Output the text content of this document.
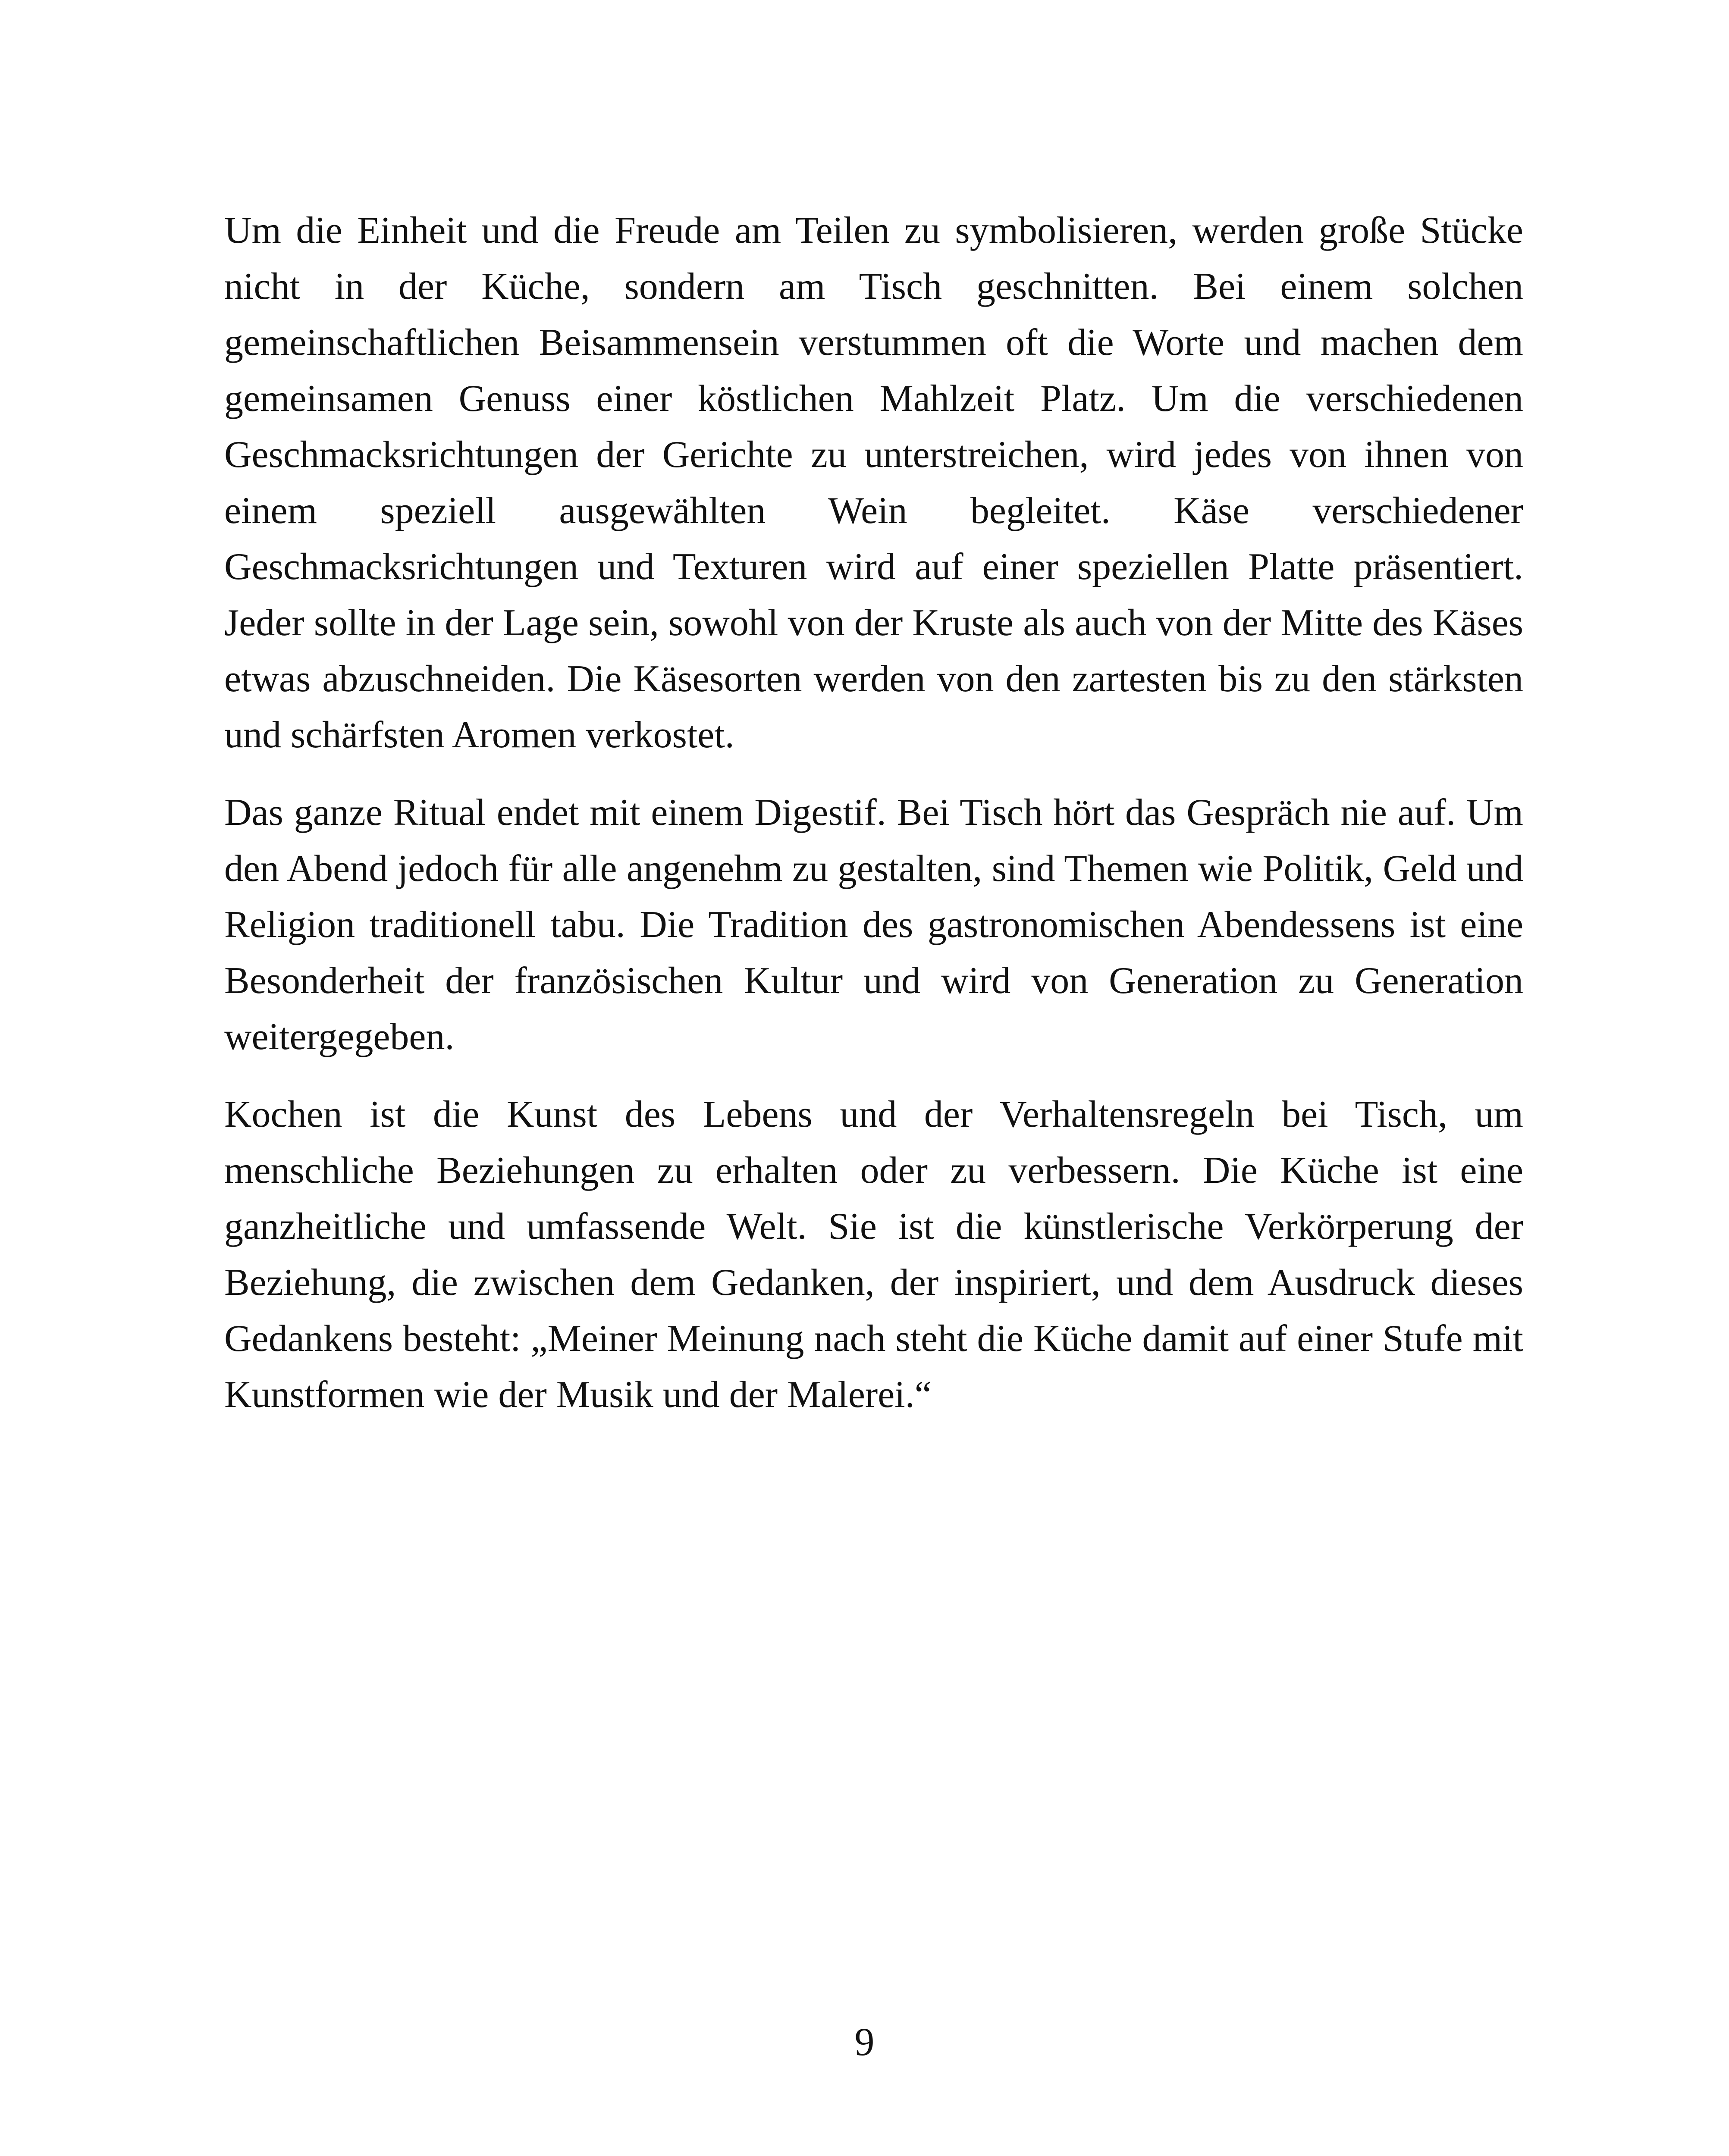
Um die Einheit und die Freude am Teilen zu symbolisieren, werden große Stücke nicht in der Küche, sondern am Tisch geschnitten. Bei einem solchen gemeinschaftlichen Beisammensein verstummen oft die Worte und machen dem gemeinsamen Genuss einer köstlichen Mahlzeit Platz. Um die verschiedenen Geschmacksrichtungen der Gerichte zu unterstreichen, wird jedes von ihnen von einem speziell ausgewählten Wein begleitet. Käse verschiedener Geschmacksrichtungen und Texturen wird auf einer speziellen Platte präsentiert. Jeder sollte in der Lage sein, sowohl von der Kruste als auch von der Mitte des Käses etwas abzuschneiden. Die Käsesorten werden von den zartesten bis zu den stärksten und schärfsten Aromen verkostet.

Das ganze Ritual endet mit einem Digestif. Bei Tisch hört das Gespräch nie auf. Um den Abend jedoch für alle angenehm zu gestalten, sind Themen wie Politik, Geld und Religion traditionell tabu. Die Tradition des gastronomischen Abendessens ist eine Besonderheit der französischen Kultur und wird von Generation zu Generation weitergegeben.

Kochen ist die Kunst des Lebens und der Verhaltensregeln bei Tisch, um menschliche Beziehungen zu erhalten oder zu verbessern. Die Küche ist eine ganzheitliche und umfassende Welt. Sie ist die künstlerische Verkörperung der Beziehung, die zwischen dem Gedanken, der inspiriert, und dem Ausdruck dieses Gedankens besteht: „Meiner Meinung nach steht die Küche damit auf einer Stufe mit Kunstformen wie der Musik und der Malerei.“

9
